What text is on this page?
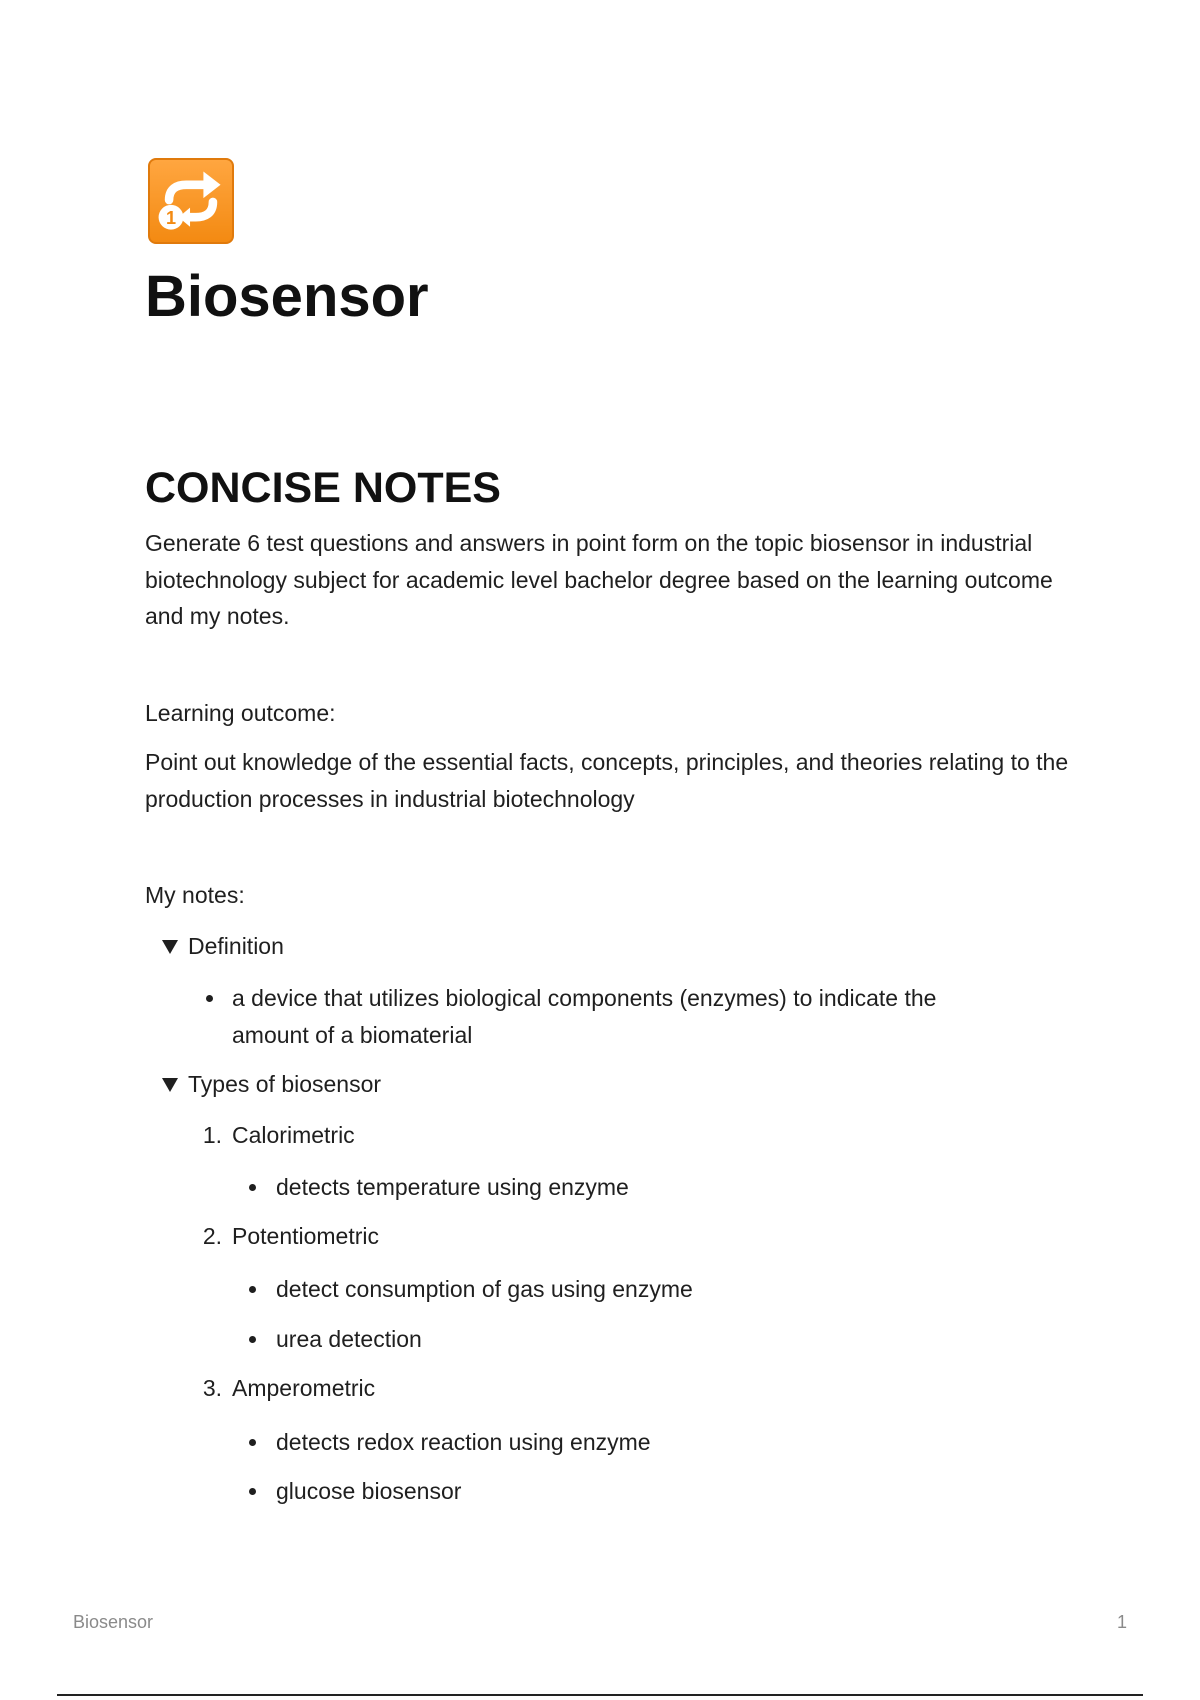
1
Biosensor
CONCISE NOTES
Generate 6 test questions and answers in point form on the topic biosensor in industrial biotechnology subject for academic level bachelor degree based on the learning outcome and my notes.
Learning outcome:
Point out knowledge of the essential facts, concepts, principles, and theories relating to the production processes in industrial biotechnology
My notes:
Definition
a device that utilizes biological components (enzymes) to indicate the amount of a biomaterial
Types of biosensor
1. Calorimetric
detects temperature using enzyme
2. Potentiometric
detect consumption of gas using enzyme
urea detection
3. Amperometric
detects redox reaction using enzyme
glucose biosensor
Biosensor	1
